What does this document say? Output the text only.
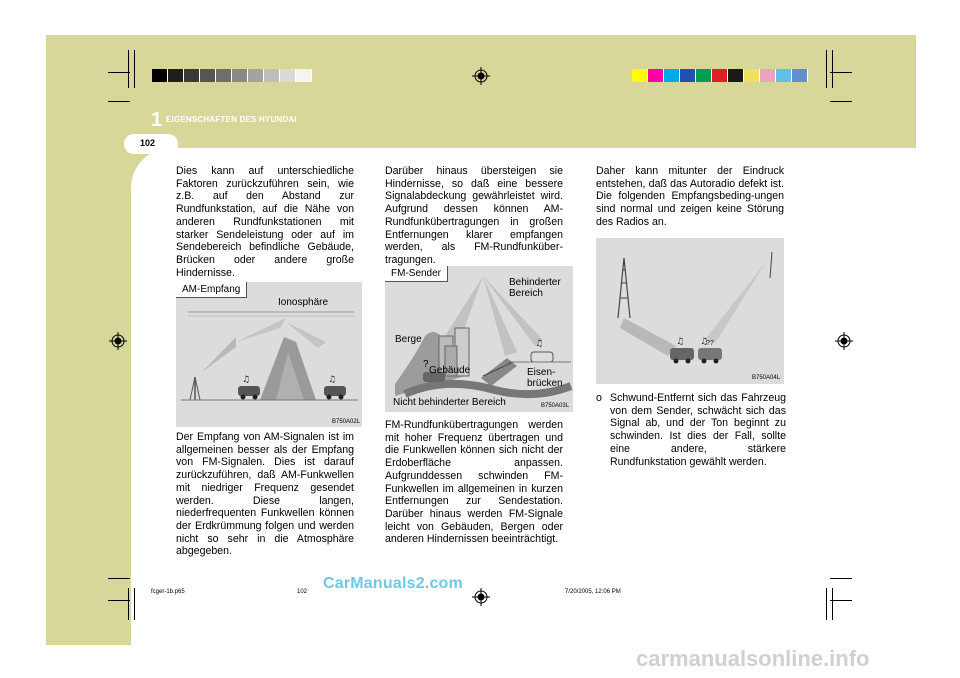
1 EIGENSCHAFTEN DES HYUNDAI
102

Dies kann auf unterschiedliche Faktoren zurückzuführen sein, wie z.B. auf den Abstand zur Rundfunkstation, auf die Nähe von anderen Rundfunkstationen mit starker Sendeleistung oder auf im Sendebereich befindliche Gebäude, Brücken oder andere große Hindernisse.

♫	♫
AM-Empfang
Ionosphäre
B750A02L

Der Empfang von AM-Signalen ist im allgemeinen besser als der Empfang von FM-Signalen. Dies ist darauf zurückzuführen, daß AM-Funkwellen mit niedriger Frequenz gesendet werden. Diese langen, niederfrequenten Funkwellen können der Erdkrümmung folgen und werden nicht so sehr in die Atmosphäre abgegeben.

Darüber hinaus übersteigen sie Hindernisse, so daß eine bessere Signalabdeckung gewährleistet wird. Aufgrund dessen können AM-Rundfunkübertragungen in großen Entfernungen klarer empfangen werden, als FM-Rundfunküber-tragungen.

♫
FM-Sender
Behinderter
Bereich
Berge
?
Gebäude	Eisen-
brücken
Nicht behinderter Bereich	B750A03L

FM-Rundfunkübertragungen werden mit hoher Frequenz übertragen und die Funkwellen können sich nicht der Erdoberfläche anpassen. Aufgrunddessen schwinden FM-Funkwellen im allgemeinen in kurzen Entfernungen zur Sendestation. Darüber hinaus werden FM-Signale leicht von Gebäuden, Bergen oder anderen Hindernissen beeinträchtigt.

Daher kann mitunter der Eindruck entstehen, daß das Autoradio defekt ist. Die folgenden Empfangsbeding-ungen sind normal und zeigen keine Störung des Radios an.

♫ ♫
??
B750A04L
o Schwund-Entfernt sich das Fahrzeug von dem Sender, schwächt sich das Signal ab, und der Ton beginnt zu schwinden. Ist dies der Fall, sollte eine andere, stärkere Rundfunkstation gewählt werden.
fcger-1b.p65	102	7/20/2005, 12:06 PM
CarManuals2.com
carmanualsonline.info
